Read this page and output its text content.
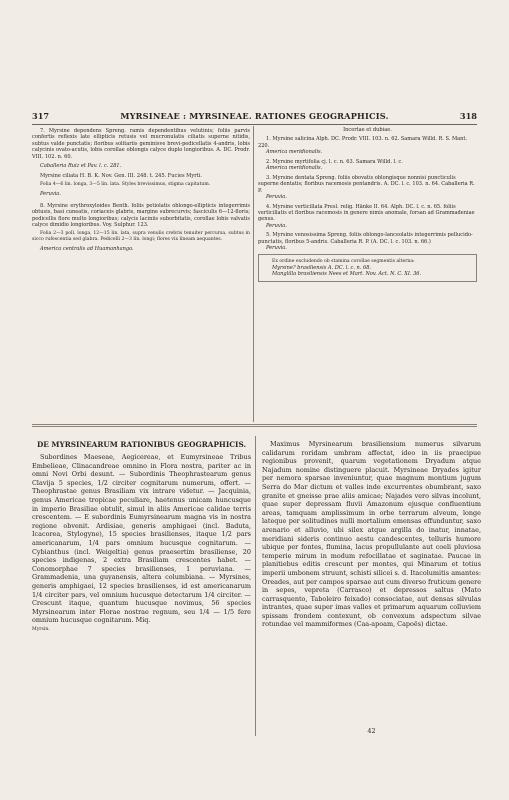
317	MYRSINEAE : MYRSINEAE. RATIONES GEOGRAPHICIS.	318

7. Myrsine dependens Spreng. ramis dependentibus velutinis; foliis parvis confertis reflexis late ellipticis retusis vel mucronulatis ciliatis superne nitidis, subtus valde punctatis; floribus solitariis geminisve brevi-pedicellatis 4-andris, lobis calycinis ovato-acutis, lobis corollae oblongis calyce duplo longioribus. A. DC. Prodr. VIII. 102. n. 60.

Caballeria Ruiz et Pav. l. c. 281.

Myrsine ciliata H. B. K. Nov. Gen. III. 248. t. 245. Fucies Myrti.

Folia 4—6 lin. longa, 3—5 lin. lata. Styles brevissimus, stigma capitatum.

Peruvia.

8. Myrsine erythroxyloides Benth. foliis petiolatis oblongo-ellipticis integerrimis obtusis, basi cuneatis, coriaceis glabris, margine subrecurvis; fasciculis 6—12-floris; pedicellis flore multo longioribus; calycis laciniis suborbitatis, corollae lobis valvatis calyce dimidio longioribus. Voy. Sulphur. 123.

Folia 2—3 poll. longa, 12—15 lin. lata, supra venulis crebris tenuiter percursa, subtus in sicco rufescentia sed glabra. Pedicelli 2—3 lin. longi; flores vix lineam aequantes.

America centralis ad Huamanhango.

Incertae et dubiae.

1. Myrsine salicina Alph. DC. Prodr. VIII. 103. n. 62. Samara Willd. R. S. Mant. 220.

America meridionalis.

2. Myrsine myrtifolia cj. l. c. n. 63. Samara Willd. l. c.

America meridionalis.

3. Myrsine dentata Spreng. foliis obovatis oblongisque nonnisi puncticulis superne dentatis; floribus racemosis pentandris. A. DC. l. c. 103. n. 64. Caballeria R. P.

Peruvia.

4. Myrsine verticillata Presl. relig. Hänke II. 64. Alph. DC. l. c. n. 65. foliis verticillatis et floribus racemosis in genere nimis anomale, forsan ad Grammadeniae genus.

Peruvia.

5. Myrsine venosissima Spreng. foliis oblongo-lanceolatis integerrimis pellucido-punctatis, floribus 5-andris. Caballeria R. P. (A. DC. l. c. 103. n. 66.)

Peruvia.

Ex ordine excludendo ob stamina corollae segmentis alterna:

Myrsine? brasiliensis A. DC. l. c. n. 68.

Manglilla brasiliensis Nees et Mart. Nov. Act. N. C. XI. 36.

DE MYRSINEARUM RATIONIBUS GEOGRAPHICIS.

Subordines Maeseae, Aegicereae, et Eumyrsineae Tribus Embelieae, Clinacandreae omnino in Flora nostra, pariter ac in omni Novi Orbi desunt. — Subordinis Theophrastearum genus Clavija 5 species, 1/2 circiter cognitarum numerum, offert. — Theophrastae genus Brasiliam vix intrare videtur. — Jacquinia, genus Americae tropicae peculiare, haetenus unicam huncusque in imperio Brasiliae obtulit, simul in aliis Americae calidae terris crescentem. — E subordinis Eumyrsinearum magna vis in nostra regione obvenit. Ardisiae, generis amphigaei (incl. Baduta, Icacorea, Stylogyne), 15 species brasilienses, itaque 1/2 pars americanarum, 1/4 pars omnium hucusque cognitarum. — Cybianthus (incl. Weigeltia) genus praesertim brasiliense, 20 species indigenas, 2 extra Brasiliam crescentes habet. — Conomorphae 7 species brasilienses, 1 peruviana. — Grammadenia, una guyanensis, altera columbiana. — Myrsines, generis amphigaei, 12 species brasilienses, id est americanarum 1/4 circiter pars, vel omnium hucusque detectarum 1/4 circiter. — Crescunt itaque, quantum hucusque novimus, 56 species Myrsinearum inter Florae nostrae regnum, seu 1/4 — 1/5 fere omnium hucusque cognitarum. Miq.

Myrsin.

Maximus Myrsinearum brasiliensium numerus silvarum calidarum roridam umbram affectat, ideo in iis praecipue regionibus provenit, quarum vegetationem Dryadum atque Najadum nomine distinguere placuit. Myrsineae Dryades igitur per nemora sparsae inveniuntur, quae magnum montium jugum Serra do Mar dictum et valles inde excurrentes obumbrant, saxo granite et gneisse prae aliis amicae; Najades vero silvas incolunt, quae super depressam fluvii Amazonum ejusque confluentium areas, tamquam amplissimum in orbe terrarum alveum, longe lateque per solitudines nulli mortalium emensas effunduntur, saxo arenario et alluvio, ubi silex atque argilla do inatur, innatae, meridiani sideris continuo aestu candescentes, telluris humore ubique per fontes, flumina, lacus propullulante aut coeli pluviosa temperie mirum in modum refocillatae et saginatae. Paucae in planitiebus editis crescunt per montes, qui Minarum et totius imperii umbonem struunt, schisti silicei s. d. Itacolumitis amantes: Oreades, aut per campos sparsae aut cum diverso fruticum genere in sepes, vepreta (Carrasco) et depressos saltus (Mato carrasquento, Taboleiro feixado) consociatae, aut densas silvulas intrantes, quae super imas valles et primarum aquarum colluviem spissam frondem contexunt, ob convexum adspectum silvae rotundae vel mammiformes (Caa-apoam, Capoës) dictae.

42
